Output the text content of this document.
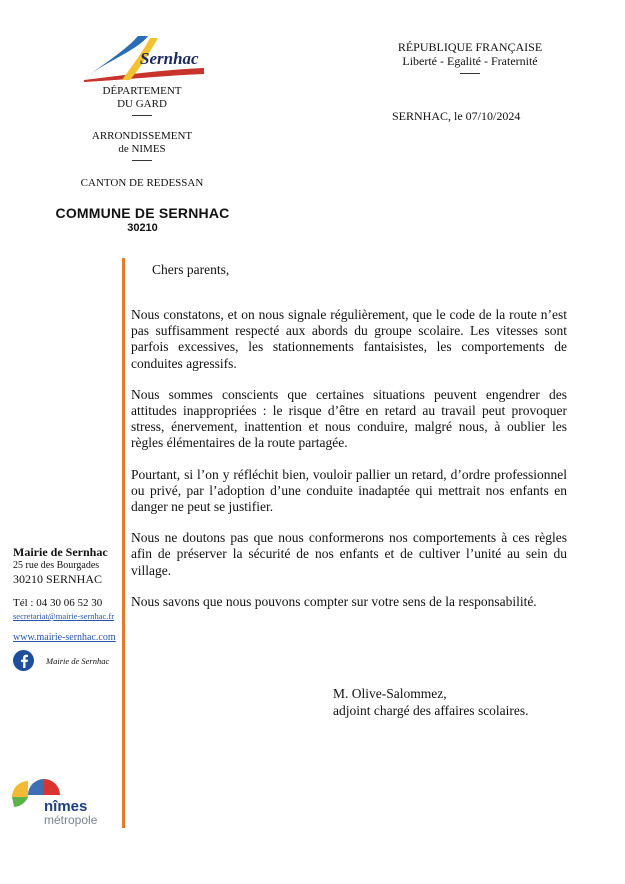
Sernhac
DÉPARTEMENT
DU GARD
ARRONDISSEMENT
de NIMES
CANTON DE REDESSAN
COMMUNE DE SERNHAC
30210
RÉPUBLIQUE FRANÇAISE
Liberté - Egalité - Fraternité
SERNHAC, le 07/10/2024
Chers parents,

Nous constatons, et on nous signale régulièrement, que le code de la route n’est pas suffisamment respecté aux abords du groupe scolaire. Les vitesses sont parfois excessives, les stationnements fantaisistes, les comportements de conduites agressifs.

Nous sommes conscients que certaines situations peuvent engendrer des attitudes inappropriées : le risque d’être en retard au travail peut provoquer stress, énervement, inattention et nous conduire, malgré nous, à oublier les règles élémentaires de la route partagée.

Pourtant, si l’on y réfléchit bien, vouloir pallier un retard, d’ordre professionnel ou privé, par l’adoption d’une conduite inadaptée qui mettrait nos enfants en danger ne peut se justifier.

Nous ne doutons pas que nous conformerons nos comportements à ces règles afin de préserver la sécurité de nos enfants et de cultiver l’unité au sein du village.

Nous savons que nous pouvons compter sur votre sens de la responsabilité.

M. Olive-Salommez,
adjoint chargé des affaires scolaires.
Mairie de Sernhac
25 rue des Bourgades
30210 SERNHAC
Tél : 04 30 06 52 30
secretariat@mairie-sernhac.fr
www.mairie-sernhac.com
Mairie de Sernhac
nîmes
métropole
